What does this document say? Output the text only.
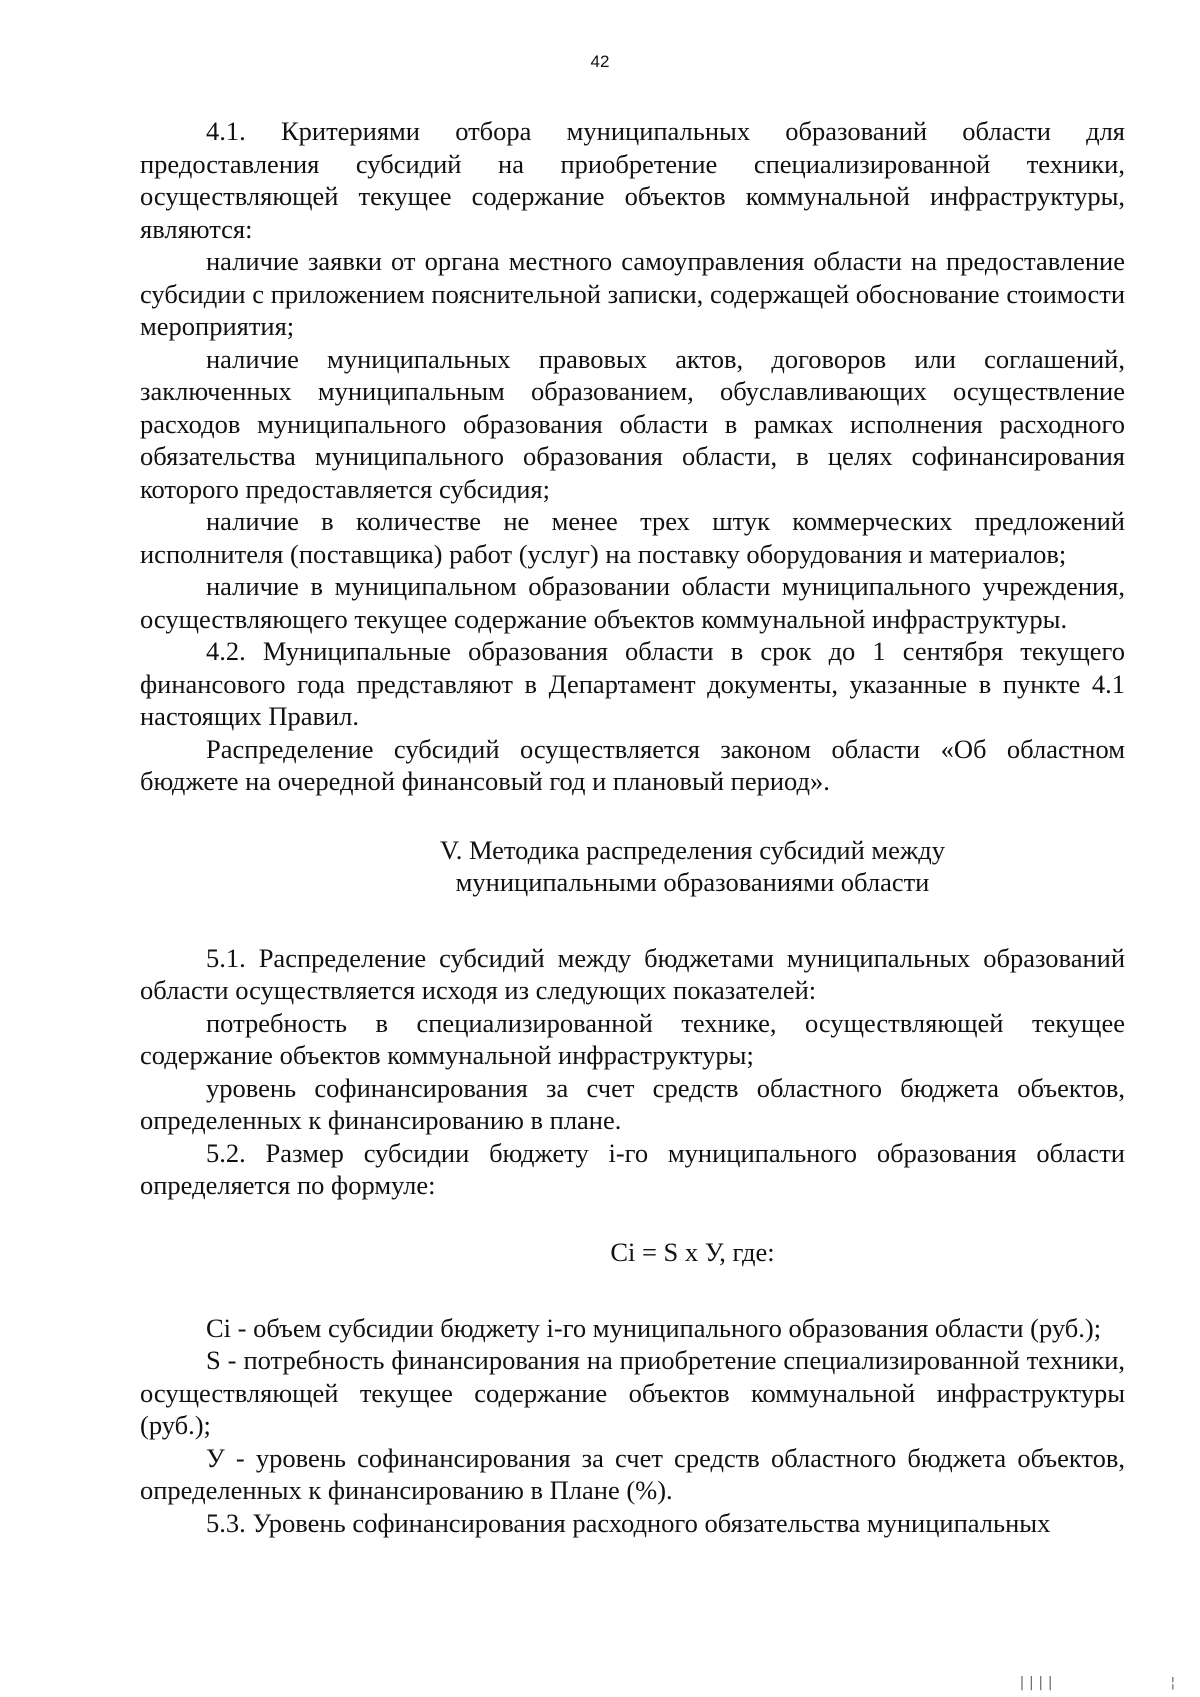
42

4.1. Критериями отбора муниципальных образований области для предоставления субсидий на приобретение специализированной техники, осуществляющей текущее содержание объектов коммунальной инфраструктуры, являются:

наличие заявки от органа местного самоуправления области на предоставление субсидии с приложением пояснительной записки, содержащей обоснование стоимости мероприятия;

наличие муниципальных правовых актов, договоров или соглашений, заключенных муниципальным образованием, обуславливающих осуществление расходов муниципального образования области в рамках исполнения расходного обязательства муниципального образования области, в целях софинансирования которого предоставляется субсидия;

наличие в количестве не менее трех штук коммерческих предложений исполнителя (поставщика) работ (услуг) на поставку оборудования и материалов;

наличие в муниципальном образовании области муниципального учреждения, осуществляющего текущее содержание объектов коммунальной инфраструктуры.

4.2. Муниципальные образования области в срок до 1 сентября текущего финансового года представляют в Департамент документы, указанные в пункте 4.1 настоящих Правил.

Распределение субсидий осуществляется законом области «Об областном бюджете на очередной финансовый год и плановый период».

V. Методика распределения субсидий между
муниципальными образованиями области

5.1. Распределение субсидий между бюджетами муниципальных образований области осуществляется исходя из следующих показателей:

потребность в специализированной технике, осуществляющей текущее содержание объектов коммунальной инфраструктуры;

уровень софинансирования за счет средств областного бюджета объектов, определенных к финансированию в плане.

5.2. Размер субсидии бюджету i-го муниципального образования области определяется по формуле:

Сi = S х У, где:

Сi - объем субсидии бюджету i-го муниципального образования области (руб.);

S - потребность финансирования на приобретение специализированной техники, осуществляющей текущее содержание объектов коммунальной инфраструктуры (руб.);

У - уровень софинансирования за счет средств областного бюджета объектов, определенных к финансированию в Плане (%).

5.3. Уровень софинансирования расходного обязательства муниципальных

||||            ¦
